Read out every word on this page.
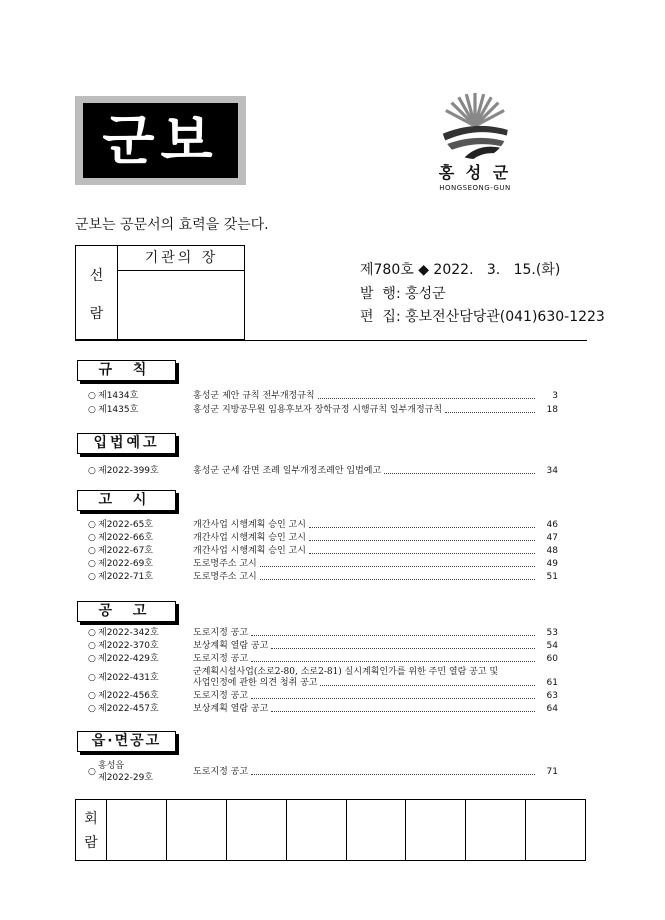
군보
홍 성 군
HONGSEONG-GUN
군보는 공문서의 효력을 갖는다.
선
람
기관의 장
제780호 ◆ 2022.   3.   15.(화)
발  행: 홍성군
편  집: 홍보전산담당관(041)630-1223
규 칙
○ 제1434호	홍성군 제안 규칙 전부개정규칙	3
○ 제1435호	홍성군 지방공무원 임용후보자 장학규정 시행규칙 일부개정규칙	18
입법예고
○ 제2022-399호	홍성군 군세 감면 조례 일부개정조례안 입법예고	34
고 시
○ 제2022-65호	개간사업 시행계획 승인 고시	46
○ 제2022-66호	개간사업 시행계획 승인 고시	47
○ 제2022-67호	개간사업 시행계획 승인 고시	48
○ 제2022-69호	도로명주소 고시	49
○ 제2022-71호	도로명주소 고시	51
공 고
○ 제2022-342호	도로지정 공고	53
○ 제2022-370호	보상계획 열람 공고	54
○ 제2022-429호	도로지정 공고	60
○ 제2022-431호
군계획시설사업(소로2-80, 소로2-81) 실시계획인가를 위한 주민 열람 공고 및
사업인정에 관한 의견 청취 공고	61
○ 제2022-456호	도로지정 공고	63
○ 제2022-457호	보상계획 열람 공고	64
읍·면공고
○
홍성읍
제2022-29호
도로지정 공고	71
회
람
